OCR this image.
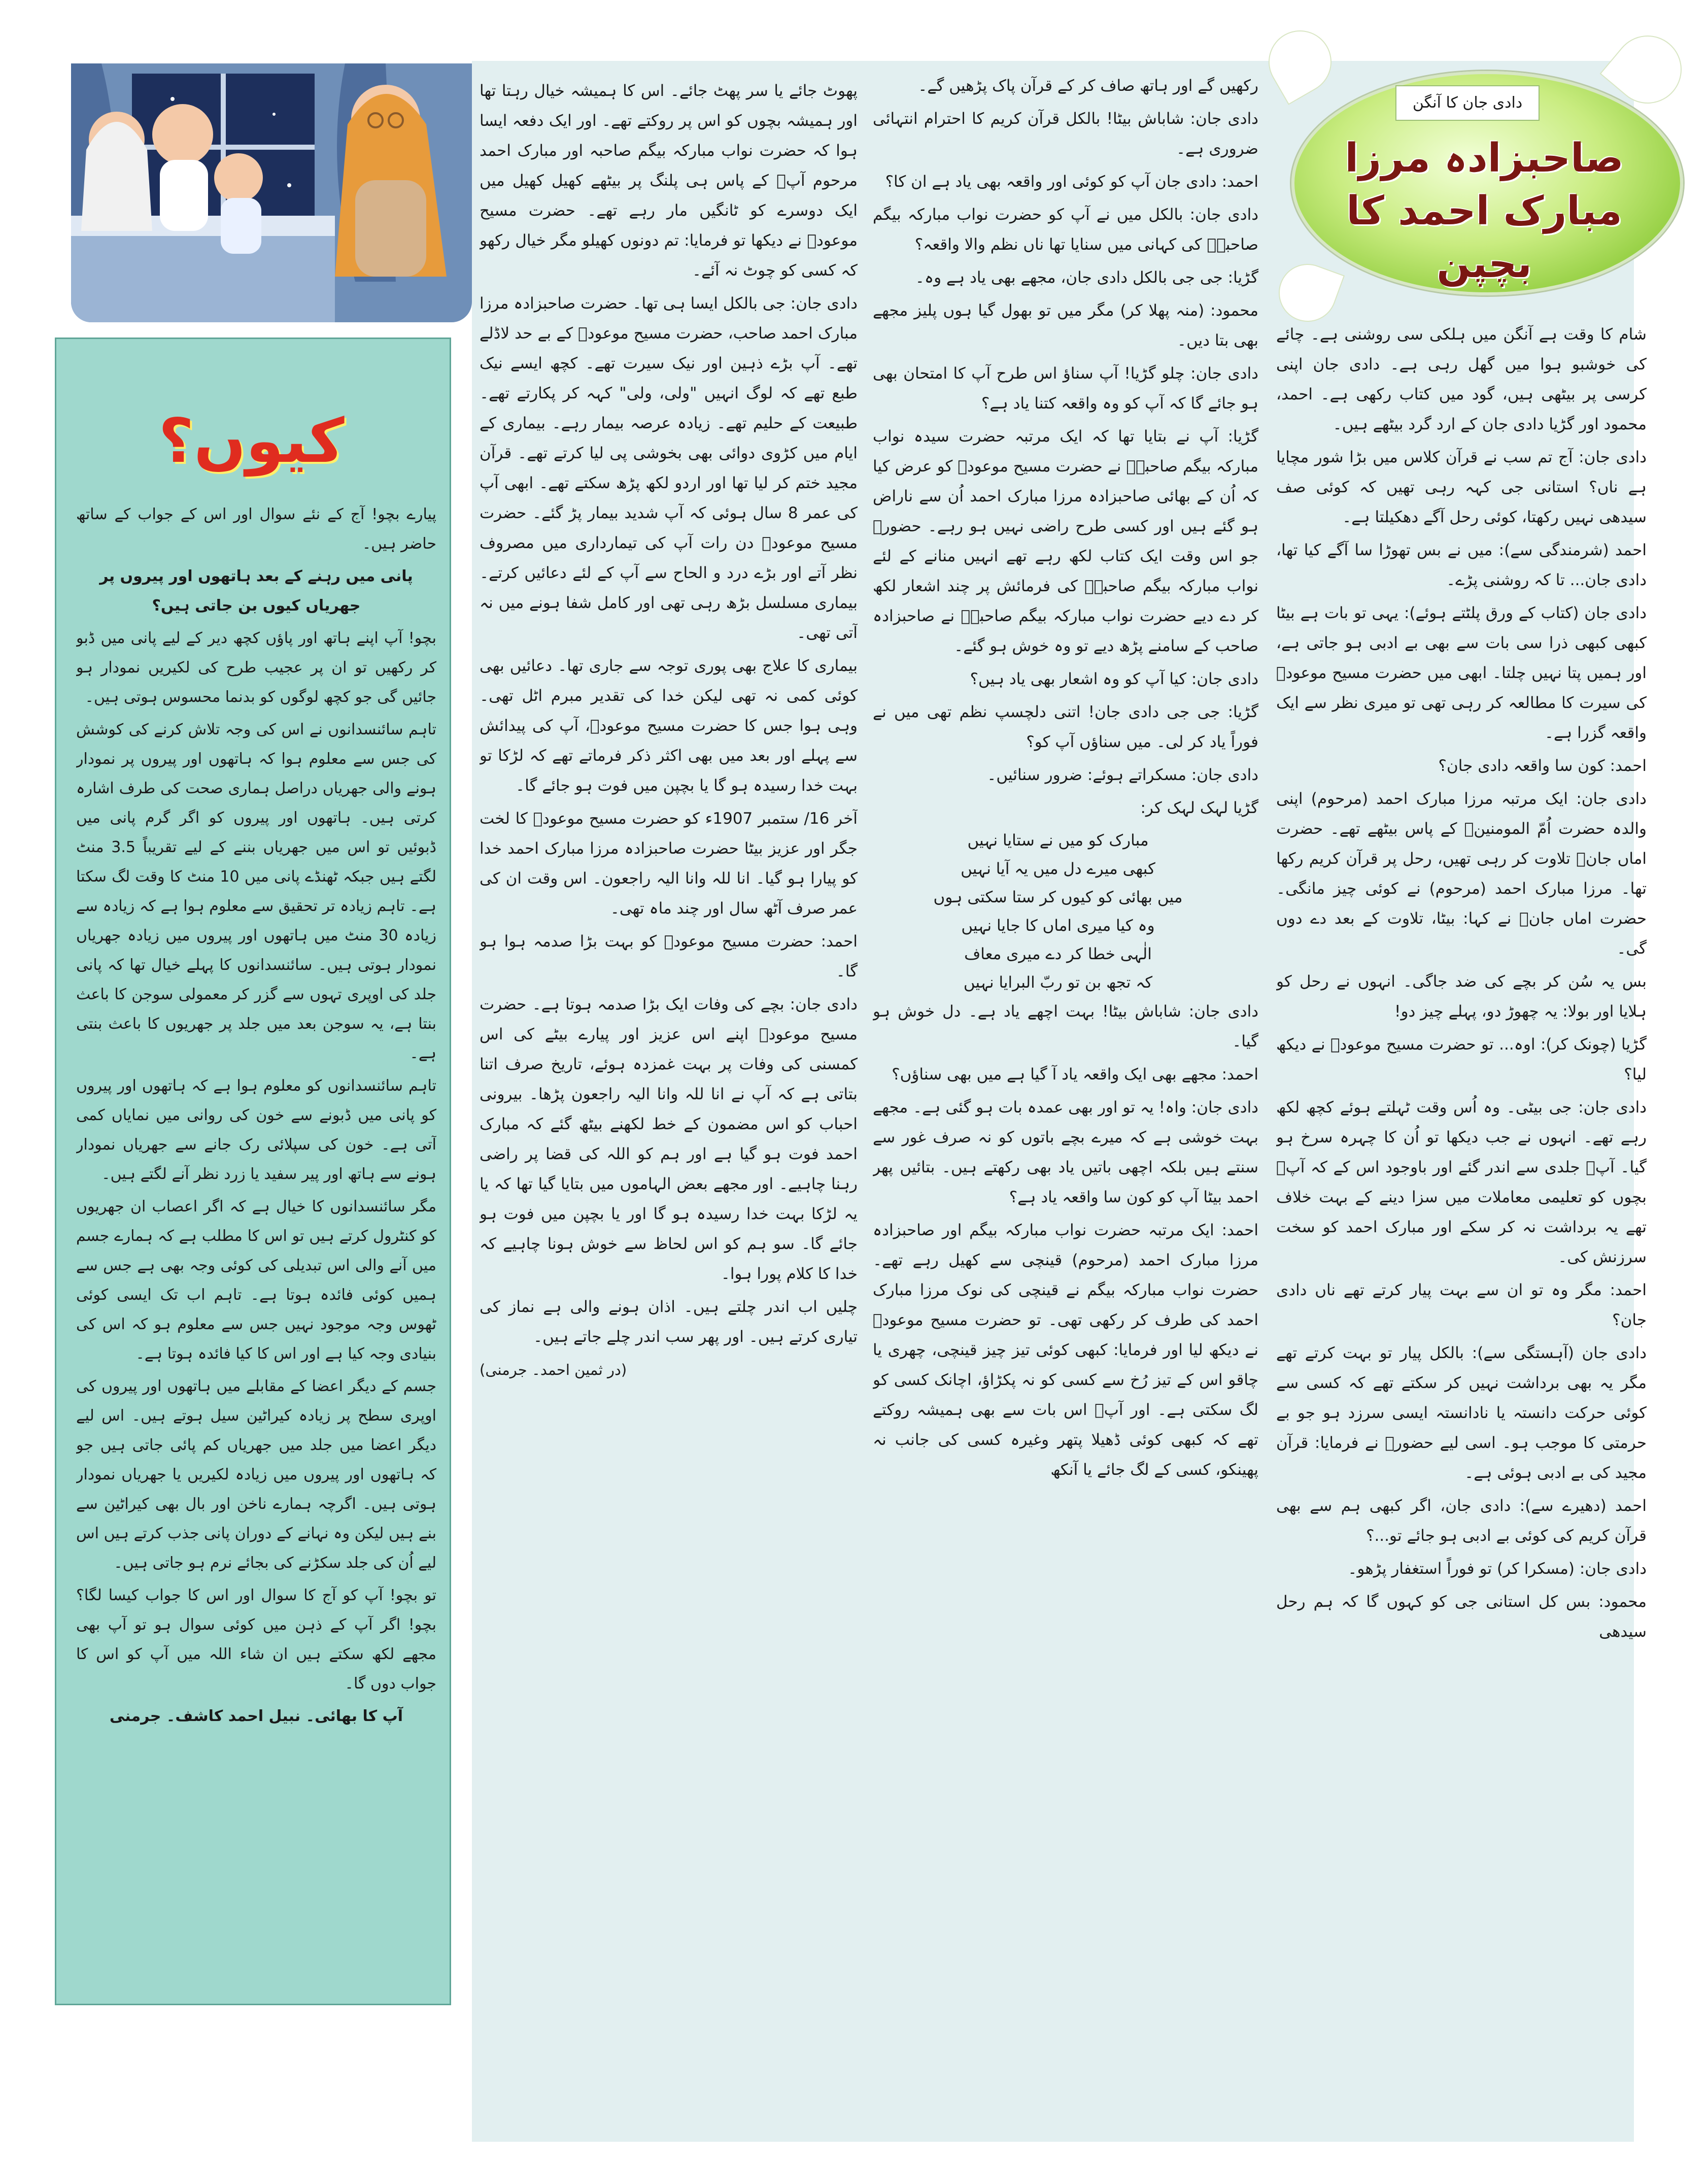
دادی جان کا آنگن
صاحبزادہ مرزا مبارک احمد کا بچپن

شام کا وقت ہے آنگن میں ہلکی سی روشنی ہے۔ چائے کی خوشبو ہوا میں گھل رہی ہے۔ دادی جان اپنی کرسی پر بیٹھی ہیں، گود میں کتاب رکھی ہے۔ احمد، محمود اور گڑیا دادی جان کے ارد گرد بیٹھے ہیں۔

دادی جان: آج تم سب نے قرآن کلاس میں بڑا شور مچایا ہے ناں؟ استانی جی کہہ رہی تھیں کہ کوئی صف سیدھی نہیں رکھتا، کوئی رحل آگے دھکیلتا ہے۔

احمد (شرمندگی سے): میں نے بس تھوڑا سا آگے کیا تھا، دادی جان... تا کہ روشنی پڑے۔

دادی جان (کتاب کے ورق پلٹتے ہوئے): یہی تو بات ہے بیٹا کبھی کبھی ذرا سی بات سے بھی بے ادبی ہو جاتی ہے، اور ہمیں پتا نہیں چلتا۔ ابھی میں حضرت مسیح موعودؑ کی سیرت کا مطالعہ کر رہی تھی تو میری نظر سے ایک واقعہ گزرا ہے۔

احمد: کون سا واقعہ دادی جان؟

دادی جان: ایک مرتبہ مرزا مبارک احمد (مرحوم) اپنی والدہ حضرت اُمّ المومنینؓ کے پاس بیٹھے تھے۔ حضرت اماں جانؓ تلاوت کر رہی تھیں، رحل پر قرآن کریم رکھا تھا۔ مرزا مبارک احمد (مرحوم) نے کوئی چیز مانگی۔ حضرت اماں جانؓ نے کہا: بیٹا، تلاوت کے بعد دے دوں گی۔

بس یہ سُن کر بچے کی ضد جاگی۔ انہوں نے رحل کو ہلایا اور بولا: یہ چھوڑ دو، پہلے چیز دو!

گڑیا (چونک کر): اوہ... تو حضرت مسیح موعودؑ نے دیکھ لیا؟

دادی جان: جی بیٹی۔ وہ اُس وقت ٹہلتے ہوئے کچھ لکھ رہے تھے۔ انہوں نے جب دیکھا تو اُن کا چہرہ سرخ ہو گیا۔ آپؑ جلدی سے اندر گئے اور باوجود اس کے کہ آپؑ بچوں کو تعلیمی معاملات میں سزا دینے کے بہت خلاف تھے یہ برداشت نہ کر سکے اور مبارک احمد کو سخت سرزنش کی۔

احمد: مگر وہ تو ان سے بہت پیار کرتے تھے ناں دادی جان؟

دادی جان (آہستگی سے): بالکل پیار تو بہت کرتے تھے مگر یہ بھی برداشت نہیں کر سکتے تھے کہ کسی سے کوئی حرکت دانستہ یا نادانستہ ایسی سرزد ہو جو بے حرمتی کا موجب ہو۔ اسی لیے حضورؑ نے فرمایا: قرآن مجید کی بے ادبی ہوئی ہے۔

احمد (دھیرے سے): دادی جان، اگر کبھی ہم سے بھی قرآن کریم کی کوئی بے ادبی ہو جائے تو...؟

دادی جان: (مسکرا کر) تو فوراً استغفار پڑھو۔

محمود: بس کل استانی جی کو کہوں گا کہ ہم رحل سیدھی

رکھیں گے اور ہاتھ صاف کر کے قرآن پاک پڑھیں گے۔

دادی جان: شاباش بیٹا! بالکل قرآن کریم کا احترام انتہائی ضروری ہے۔

احمد: دادی جان آپ کو کوئی اور واقعہ بھی یاد ہے ان کا؟

دادی جان: بالکل میں نے آپ کو حضرت نواب مبارکہ بیگم صاحبہؓ کی کہانی میں سنایا تھا ناں نظم والا واقعہ؟

گڑیا: جی جی بالکل دادی جان، مجھے بھی یاد ہے وہ۔

محمود: (منہ پھلا کر) مگر میں تو بھول گیا ہوں پلیز مجھے بھی بتا دیں۔

دادی جان: چلو گڑیا! آپ سناؤ اس طرح آپ کا امتحان بھی ہو جائے گا کہ آپ کو وہ واقعہ کتنا یاد ہے؟

گڑیا: آپ نے بتایا تھا کہ ایک مرتبہ حضرت سیدہ نواب مبارکہ بیگم صاحبہؓ نے حضرت مسیح موعودؑ کو عرض کیا کہ اُن کے بھائی صاحبزادہ مرزا مبارک احمد اُن سے ناراض ہو گئے ہیں اور کسی طرح راضی نہیں ہو رہے۔ حضورؑ جو اس وقت ایک کتاب لکھ رہے تھے انہیں منانے کے لئے نواب مبارکہ بیگم صاحبہؓ کی فرمائش پر چند اشعار لکھ کر دے دیے حضرت نواب مبارکہ بیگم صاحبہؓ نے صاحبزادہ صاحب کے سامنے پڑھ دیے تو وہ خوش ہو گئے۔

دادی جان: کیا آپ کو وہ اشعار بھی یاد ہیں؟

گڑیا: جی جی دادی جان! اتنی دلچسپ نظم تھی میں نے فوراً یاد کر لی۔ میں سناؤں آپ کو؟

دادی جان: مسکراتے ہوئے: ضرور سنائیں۔

گڑیا لہک لہک کر:

مبارک کو میں نے ستایا نہیں
کبھی میرے دل میں یہ آیا نہیں
میں بھائی کو کیوں کر ستا سکتی ہوں
وہ کیا میری اماں کا جایا نہیں
الٰہی خطا کر دے میری معاف
کہ تجھ بن تو ربّ البرایا نہیں

دادی جان: شاباش بیٹا! بہت اچھے یاد ہے۔ دل خوش ہو گیا۔

احمد: مجھے بھی ایک واقعہ یاد آ گیا ہے میں بھی سناؤں؟

دادی جان: واہ! یہ تو اور بھی عمدہ بات ہو گئی ہے۔ مجھے بہت خوشی ہے کہ میرے بچے باتوں کو نہ صرف غور سے سنتے ہیں بلکہ اچھی باتیں یاد بھی رکھتے ہیں۔ بتائیں پھر احمد بیٹا آپ کو کون سا واقعہ یاد ہے؟

احمد: ایک مرتبہ حضرت نواب مبارکہ بیگم اور صاحبزادہ مرزا مبارک احمد (مرحوم) قینچی سے کھیل رہے تھے۔ حضرت نواب مبارکہ بیگم نے قینچی کی نوک مرزا مبارک احمد کی طرف کر رکھی تھی۔ تو حضرت مسیح موعودؑ نے دیکھ لیا اور فرمایا: کبھی کوئی تیز چیز قینچی، چھری یا چاقو اس کے تیز رُخ سے کسی کو نہ پکڑاؤ، اچانک کسی کو لگ سکتی ہے۔ اور آپؑ اس بات سے بھی ہمیشہ روکتے تھے کہ کبھی کوئی ڈھیلا پتھر وغیرہ کسی کی جانب نہ پھینکو، کسی کے لگ جائے یا آنکھ

پھوٹ جائے یا سر پھٹ جائے۔ اس کا ہمیشہ خیال رہتا تھا اور ہمیشہ بچوں کو اس پر روکتے تھے۔ اور ایک دفعہ ایسا ہوا کہ حضرت نواب مبارکہ بیگم صاحبہ اور مبارک احمد مرحوم آپؑ کے پاس ہی پلنگ پر بیٹھے کھیل کھیل میں ایک دوسرے کو ٹانگیں مار رہے تھے۔ حضرت مسیح موعودؑ نے دیکھا تو فرمایا: تم دونوں کھیلو مگر خیال رکھو کہ کسی کو چوٹ نہ آئے۔

دادی جان: جی بالکل ایسا ہی تھا۔ حضرت صاحبزادہ مرزا مبارک احمد صاحب، حضرت مسیح موعودؑ کے بے حد لاڈلے تھے۔ آپ بڑے ذہین اور نیک سیرت تھے۔ کچھ ایسے نیک طبع تھے کہ لوگ انہیں "ولی، ولی" کہہ کر پکارتے تھے۔ طبیعت کے حلیم تھے۔ زیادہ عرصہ بیمار رہے۔ بیماری کے ایام میں کڑوی دوائی بھی بخوشی پی لیا کرتے تھے۔ قرآن مجید ختم کر لیا تھا اور اردو لکھ پڑھ سکتے تھے۔ ابھی آپ کی عمر 8 سال ہوئی کہ آپ شدید بیمار پڑ گئے۔ حضرت مسیح موعودؑ دن رات آپ کی تیمارداری میں مصروف نظر آتے اور بڑے درد و الحاح سے آپ کے لئے دعائیں کرتے۔ بیماری مسلسل بڑھ رہی تھی اور کامل شفا ہونے میں نہ آتی تھی۔

بیماری کا علاج بھی پوری توجہ سے جاری تھا۔ دعائیں بھی کوئی کمی نہ تھی لیکن خدا کی تقدیر مبرم اٹل تھی۔ وہی ہوا جس کا حضرت مسیح موعودؑ، آپ کی پیدائش سے پہلے اور بعد میں بھی اکثر ذکر فرماتے تھے کہ لڑکا تو بہت خدا رسیدہ ہو گا یا بچپن میں فوت ہو جائے گا۔

آخر 16/ ستمبر 1907ء کو حضرت مسیح موعودؑ کا لخت جگر اور عزیز بیٹا حضرت صاحبزادہ مرزا مبارک احمد خدا کو پیارا ہو گیا۔ انا للہ وانا الیہ راجعون۔ اس وقت ان کی عمر صرف آٹھ سال اور چند ماہ تھی۔

احمد: حضرت مسیح موعودؑ کو بہت بڑا صدمہ ہوا ہو گا۔

دادی جان: بچے کی وفات ایک بڑا صدمہ ہوتا ہے۔ حضرت مسیح موعودؑ اپنے اس عزیز اور پیارے بیٹے کی اس کمسنی کی وفات پر بہت غمزدہ ہوئے، تاریخ صرف اتنا بتاتی ہے کہ آپ نے انا للہ وانا الیہ راجعون پڑھا۔ بیرونی احباب کو اس مضمون کے خط لکھنے بیٹھ گئے کہ مبارک احمد فوت ہو گیا ہے اور ہم کو اللہ کی قضا پر راضی رہنا چاہیے۔ اور مجھے بعض الہاموں میں بتایا گیا تھا کہ یا یہ لڑکا بہت خدا رسیدہ ہو گا اور یا بچپن میں فوت ہو جائے گا۔ سو ہم کو اس لحاظ سے خوش ہونا چاہیے کہ خدا کا کلام پورا ہوا۔

چلیں اب اندر چلتے ہیں۔ اذان ہونے والی ہے نماز کی تیاری کرتے ہیں۔ اور پھر سب اندر چلے جاتے ہیں۔

(در ثمین احمد۔ جرمنی)

کیوں؟

پیارے بچو! آج کے نئے سوال اور اس کے جواب کے ساتھ حاضر ہیں۔

پانی میں رہنے کے بعد ہاتھوں اور پیروں پر جھریاں کیوں بن جاتی ہیں؟

بچو! آپ اپنے ہاتھ اور پاؤں کچھ دیر کے لیے پانی میں ڈبو کر رکھیں تو ان پر عجیب طرح کی لکیریں نمودار ہو جائیں گی جو کچھ لوگوں کو بدنما محسوس ہوتی ہیں۔

تاہم سائنسدانوں نے اس کی وجہ تلاش کرنے کی کوشش کی جس سے معلوم ہوا کہ ہاتھوں اور پیروں پر نمودار ہونے والی جھریاں دراصل ہماری صحت کی طرف اشارہ کرتی ہیں۔ ہاتھوں اور پیروں کو اگر گرم پانی میں ڈبوئیں تو اس میں جھریاں بننے کے لیے تقریباً 3.5 منٹ لگتے ہیں جبکہ ٹھنڈے پانی میں 10 منٹ کا وقت لگ سکتا ہے۔ تاہم زیادہ تر تحقیق سے معلوم ہوا ہے کہ زیادہ سے زیادہ 30 منٹ میں ہاتھوں اور پیروں میں زیادہ جھریاں نمودار ہوتی ہیں۔ سائنسدانوں کا پہلے خیال تھا کہ پانی جلد کی اوپری تہوں سے گزر کر معمولی سوجن کا باعث بنتا ہے، یہ سوجن بعد میں جلد پر جھریوں کا باعث بنتی ہے۔

تاہم سائنسدانوں کو معلوم ہوا ہے کہ ہاتھوں اور پیروں کو پانی میں ڈبونے سے خون کی روانی میں نمایاں کمی آتی ہے۔ خون کی سپلائی رک جانے سے جھریاں نمودار ہونے سے ہاتھ اور پیر سفید یا زرد نظر آنے لگتے ہیں۔

مگر سائنسدانوں کا خیال ہے کہ اگر اعصاب ان جھریوں کو کنٹرول کرتے ہیں تو اس کا مطلب ہے کہ ہمارے جسم میں آنے والی اس تبدیلی کی کوئی وجہ بھی ہے جس سے ہمیں کوئی فائدہ ہوتا ہے۔ تاہم اب تک ایسی کوئی ٹھوس وجہ موجود نہیں جس سے معلوم ہو کہ اس کی بنیادی وجہ کیا ہے اور اس کا کیا فائدہ ہوتا ہے۔

جسم کے دیگر اعضا کے مقابلے میں ہاتھوں اور پیروں کی اوپری سطح پر زیادہ کیراٹین سیل ہوتے ہیں۔ اس لیے دیگر اعضا میں جلد میں جھریاں کم پائی جاتی ہیں جو کہ ہاتھوں اور پیروں میں زیادہ لکیریں یا جھریاں نمودار ہوتی ہیں۔ اگرچہ ہمارے ناخن اور بال بھی کیراٹین سے بنے ہیں لیکن وہ نہانے کے دوران پانی جذب کرتے ہیں اس لیے اُن کی جلد سکڑنے کی بجائے نرم ہو جاتی ہیں۔

تو بچو! آپ کو آج کا سوال اور اس کا جواب کیسا لگا؟ بچو! اگر آپ کے ذہن میں کوئی سوال ہو تو آپ بھی مجھے لکھ سکتے ہیں ان شاء اللہ میں آپ کو اس کا جواب دوں گا۔

آپ کا بھائی۔ نبیل احمد کاشف۔ جرمنی
